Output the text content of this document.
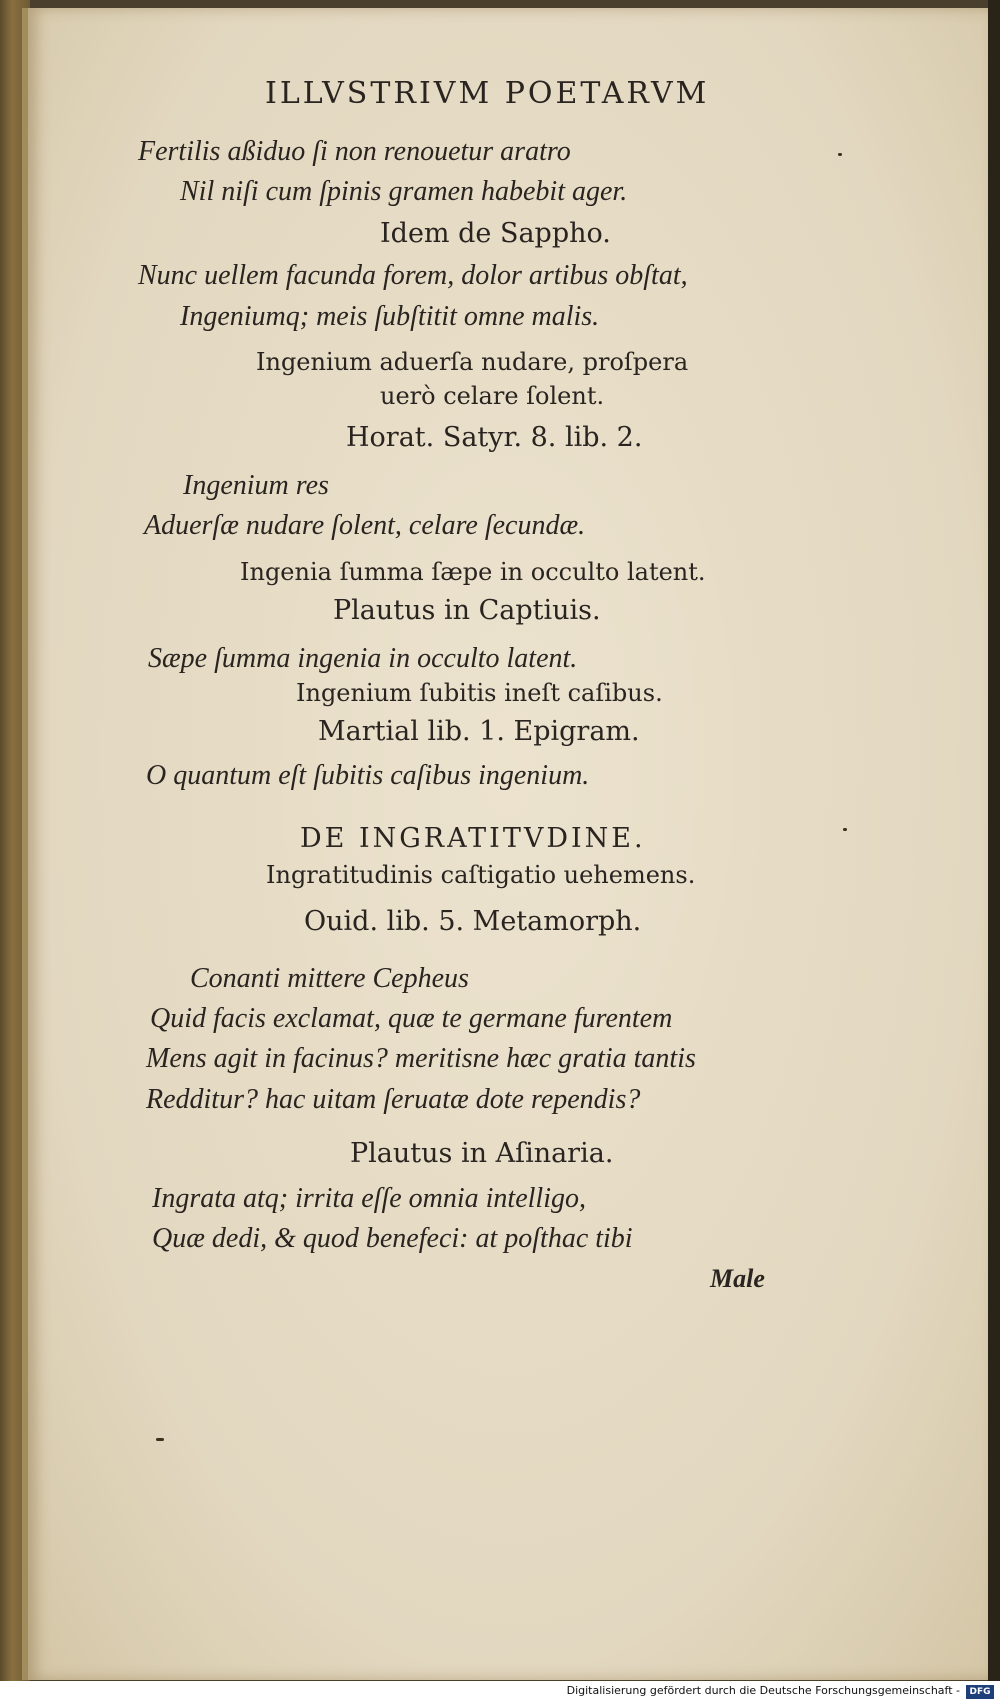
ILLVSTRIVM POETARVM
Fertilis aßiduo ſi non renouetur aratro
Nil niſi cum ſpinis gramen habebit ager.
Idem de Sappho.
Nunc uellem facunda forem, dolor artibus obſtat,
Ingeniumq; meis ſubſtitit omne malis.
Ingenium aduerſa nudare, proſpera
uerò celare ſolent.
Horat. Satyr. 8. lib. 2.
Ingenium res
Aduerſæ nudare ſolent, celare ſecundæ.
Ingenia ſumma ſæpe in occulto latent.
Plautus in Captiuis.
Sæpe ſumma ingenia in occulto latent.
Ingenium ſubitis ineſt caſibus.
Martial lib. 1. Epigram.
O quantum eſt ſubitis caſibus ingenium.
DE INGRATITVDINE.
Ingratitudinis caſtigatio uehemens.
Ouid. lib. 5. Metamorph.
Conanti mittere Cepheus
Quid facis exclamat, quæ te germane furentem
Mens agit in facinus? meritisne hæc gratia tantis
Redditur? hac uitam ſeruatæ dote rependis?
Plautus in Aſinaria.
Ingrata atq; irrita eſſe omnia intelligo,
Quæ dedi, & quod benefeci: at poſthac tibi
Male
Digitalisierung gefördert durch die Deutsche Forschungsgemeinschaft -	DFG
